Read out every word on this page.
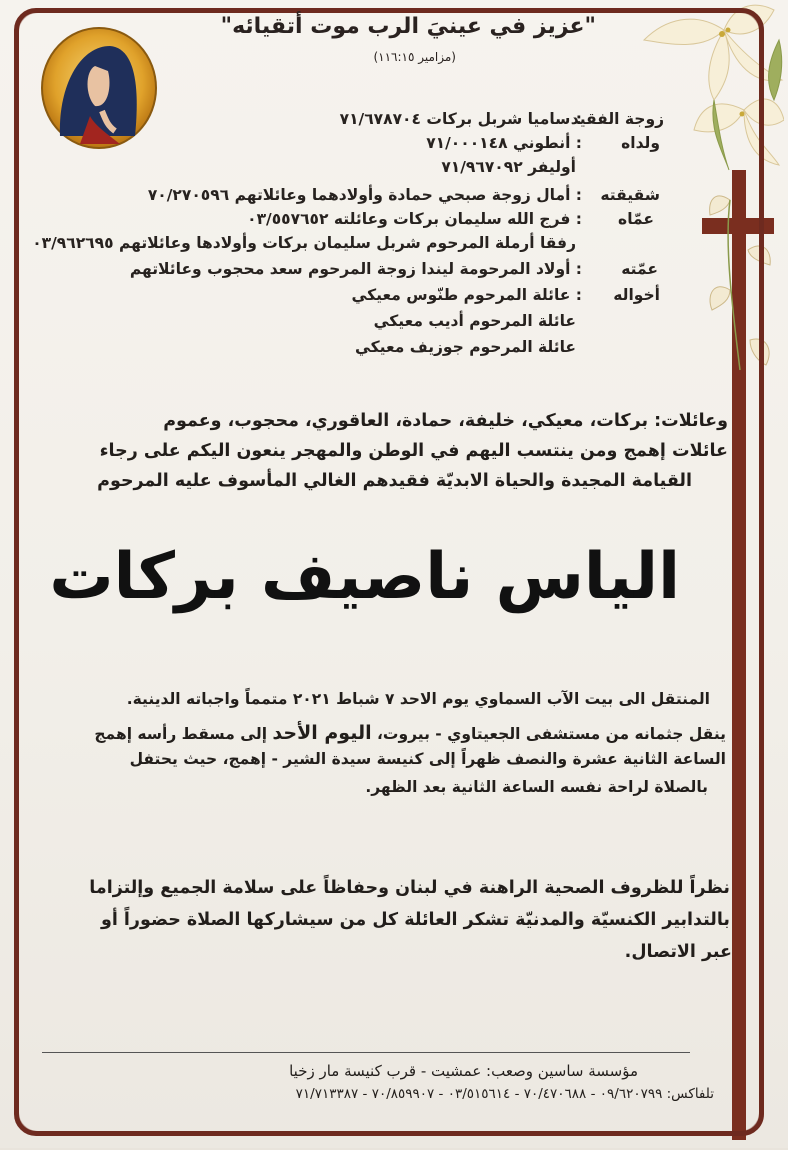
"عزيز في عينيَ الرب موت أتقيائه"
(مزامير ١١٦:١٥)
زوجة الفقيد
: ساميا شربل بركات ٧١/٦٧٨٧٠٤
ولداه
: أنطوني ٧١/٠٠٠١٤٨
أوليفر ٧١/٩٦٧٠٩٢
شقيقته
: أمال زوجة صبحي حمادة وأولادهما وعائلاتهم ٧٠/٢٧٠٥٩٦
عمّاه
: فرج الله سليمان بركات وعائلته ٠٣/٥٥٧٦٥٢
رفقا أرملة المرحوم شربل سليمان بركات وأولادها وعائلاتهم ٠٣/٩٦٢٦٩٥
عمّته
: أولاد المرحومة ليندا زوجة المرحوم سعد محجوب وعائلاتهم
أخواله
: عائلة المرحوم طنّوس معيكي
عائلة المرحوم أديب معيكي
عائلة المرحوم جوزيف معيكي
وعائلات: بركات، معيكي، خليفة، حمادة، العاقوري، محجوب، وعموم
عائلات إهمج ومن ينتسب اليهم في الوطن والمهجر ينعون اليكم على رجاء
القيامة المجيدة والحياة الابديّة فقيدهم الغالي المأسوف عليه المرحوم
الياس ناصيف بركات
المنتقل الى بيت الآب السماوي يوم الاحد ٧ شباط ٢٠٢١ متمماً واجباته الدينية.
ينقل جثمانه من مستشفى الجعيتاوي - بيروت، اليوم الأحد إلى مسقط رأسه إهمج
الساعة الثانية عشرة والنصف ظهراً إلى كنيسة سيدة الشير - إهمج، حيث يحتفل
بالصلاة لراحة نفسه الساعة الثانية بعد الظهر.
نظراً للظروف الصحية الراهنة في لبنان وحفاظاً على سلامة الجميع وإلتزاما
بالتدابير الكنسيّة والمدنيّة تشكر العائلة كل من سيشاركها الصلاة حضوراً أو
عبر الاتصال.
مؤسسة ساسين وصعب: عمشيت - قرب كنيسة مار زخيا
تلفاكس: ٠٩/٦٢٠٧٩٩ - ٧٠/٤٧٠٦٨٨ - ٠٣/٥١٥٦١٤ - ٧٠/٨٥٩٩٠٧ - ٧١/٧١٣٣٨٧
